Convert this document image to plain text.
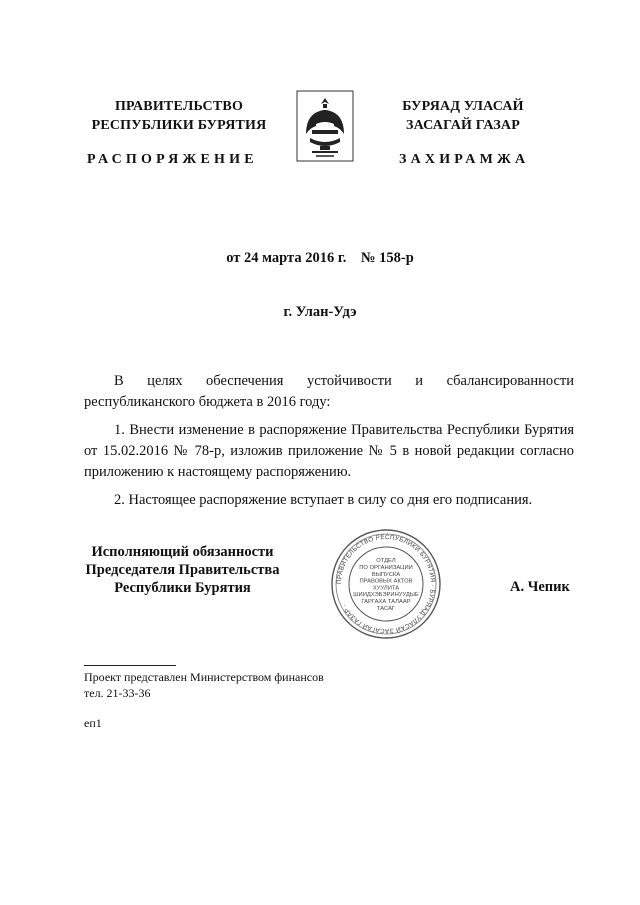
ПРАВИТЕЛЬСТВО
РЕСПУБЛИКИ БУРЯТИЯ
БУРЯАД УЛАСАЙ
ЗАСАГАЙ ГАЗАР
РАСПОРЯЖЕНИЕ	ЗАХИРАМЖА
от 24 марта 2016 г.    № 158-р
г. Улан-Удэ
В целях обеспечения устойчивости и сбалансированности республиканского бюджета в 2016 году:
1. Внести изменение в распоряжение Правительства Республики Бурятия от 15.02.2016 № 78-р, изложив приложение № 5 в новой редакции согласно приложению к настоящему распоряжению.
2. Настоящее распоряжение вступает в силу со дня его подписания.
Исполняющий обязанности
Председателя Правительства
Республики Бурятия	ПРАВИТЕЛЬСТВО РЕСПУБЛИКИ БУРЯТИЯ · БУРЯАД УЛАСАЙ ЗАСАГАЙ ГАЗАР ·
ОТДЕЛ
ПО ОРГАНИЗАЦИИ
ВЫПУСКА
ПРАВОВЫХ АКТОВ
ХУУЛИТА
ШИИДХЭБЭРИНУУДЫЕ
ГАРГАХА ТАЛААР
ТАСАГ
А. Чепик
Проект представлен Министерством финансов
тел. 21-33-36
еп1
